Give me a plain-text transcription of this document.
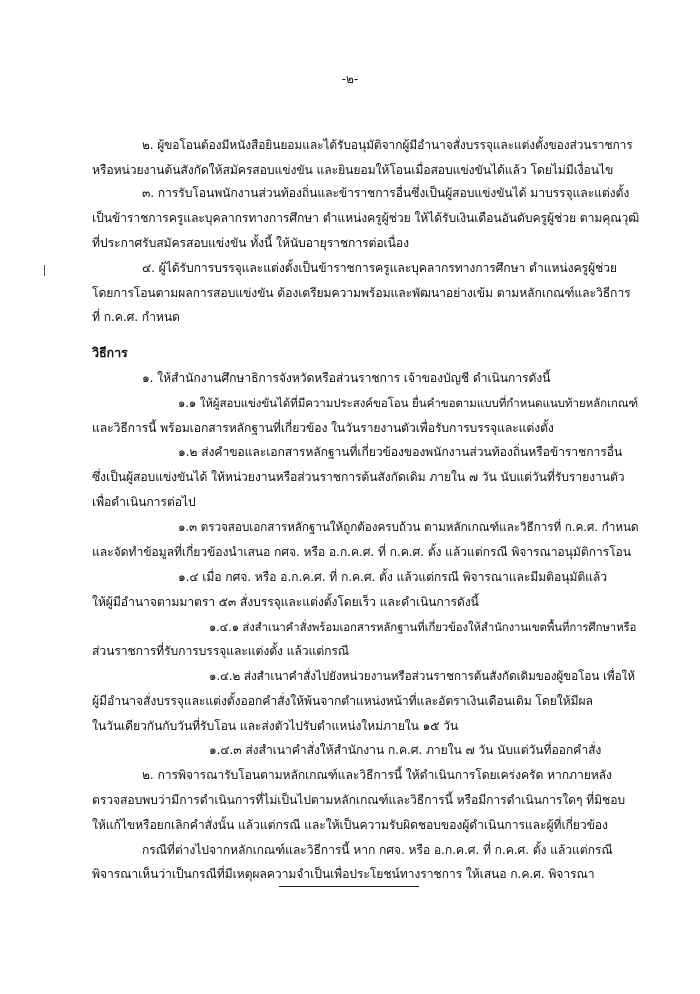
-๒-
๒. ผู้ขอโอนต้องมีหนังสือยินยอมและได้รับอนุมัติจากผู้มีอำนาจสั่งบรรจุและแต่งตั้งของส่วนราชการ
หรือหน่วยงานต้นสังกัดให้สมัครสอบแข่งขัน และยินยอมให้โอนเมื่อสอบแข่งขันได้แล้ว โดยไม่มีเงื่อนไข
๓. การรับโอนพนักงานส่วนท้องถิ่นและข้าราชการอื่นซึ่งเป็นผู้สอบแข่งขันได้ มาบรรจุและแต่งตั้ง
เป็นข้าราชการครูและบุคลากรทางการศึกษา ตำแหน่งครูผู้ช่วย ให้ได้รับเงินเดือนอันดับครูผู้ช่วย ตามคุณวุฒิ
ที่ประกาศรับสมัครสอบแข่งขัน ทั้งนี้ ให้นับอายุราชการต่อเนื่อง
๔. ผู้ได้รับการบรรจุและแต่งตั้งเป็นข้าราชการครูและบุคลากรทางการศึกษา ตำแหน่งครูผู้ช่วย
โดยการโอนตามผลการสอบแข่งขัน ต้องเตรียมความพร้อมและพัฒนาอย่างเข้ม ตามหลักเกณฑ์และวิธีการ
ที่ ก.ค.ศ. กำหนด
วิธีการ
๑. ให้สำนักงานศึกษาธิการจังหวัดหรือส่วนราชการ เจ้าของบัญชี ดำเนินการดังนี้
๑.๑ ให้ผู้สอบแข่งขันได้ที่มีความประสงค์ขอโอน ยื่นคำขอตามแบบที่กำหนดแนบท้ายหลักเกณฑ์
และวิธีการนี้ พร้อมเอกสารหลักฐานที่เกี่ยวข้อง ในวันรายงานตัวเพื่อรับการบรรจุและแต่งตั้ง
๑.๒ ส่งคำขอและเอกสารหลักฐานที่เกี่ยวข้องของพนักงานส่วนท้องถิ่นหรือข้าราชการอื่น
ซึ่งเป็นผู้สอบแข่งขันได้ ให้หน่วยงานหรือส่วนราชการต้นสังกัดเดิม ภายใน ๗ วัน นับแต่วันที่รับรายงานตัว
เพื่อดำเนินการต่อไป
๑.๓ ตรวจสอบเอกสารหลักฐานให้ถูกต้องครบถ้วน ตามหลักเกณฑ์และวิธีการที่ ก.ค.ศ. กำหนด
และจัดทำข้อมูลที่เกี่ยวข้องนำเสนอ กศจ. หรือ อ.ก.ค.ศ. ที่ ก.ค.ศ. ตั้ง แล้วแต่กรณี พิจารณาอนุมัติการโอน
๑.๔ เมื่อ กศจ. หรือ อ.ก.ค.ศ. ที่ ก.ค.ศ. ตั้ง แล้วแต่กรณี พิจารณาและมีมติอนุมัติแล้ว
ให้ผู้มีอำนาจตามมาตรา ๕๓ สั่งบรรจุและแต่งตั้งโดยเร็ว และดำเนินการดังนี้
๑.๔.๑ ส่งสำเนาคำสั่งพร้อมเอกสารหลักฐานที่เกี่ยวข้องให้สำนักงานเขตพื้นที่การศึกษาหรือ
ส่วนราชการที่รับการบรรจุและแต่งตั้ง แล้วแต่กรณี
๑.๔.๒ ส่งสำเนาคำสั่งไปยังหน่วยงานหรือส่วนราชการต้นสังกัดเดิมของผู้ขอโอน เพื่อให้
ผู้มีอำนาจสั่งบรรจุและแต่งตั้งออกคำสั่งให้พ้นจากตำแหน่งหน้าที่และอัตราเงินเดือนเดิม โดยให้มีผล
ในวันเดียวกันกับวันที่รับโอน และส่งตัวไปรับตำแหน่งใหม่ภายใน ๑๕ วัน
๑.๔.๓ ส่งสำเนาคำสั่งให้สำนักงาน ก.ค.ศ. ภายใน ๗ วัน นับแต่วันที่ออกคำสั่ง
๒. การพิจารณารับโอนตามหลักเกณฑ์และวิธีการนี้ ให้ดำเนินการโดยเคร่งครัด หากภายหลัง
ตรวจสอบพบว่ามีการดำเนินการที่ไม่เป็นไปตามหลักเกณฑ์และวิธีการนี้ หรือมีการดำเนินการใดๆ ที่มิชอบ
ให้แก้ไขหรือยกเลิกคำสั่งนั้น แล้วแต่กรณี และให้เป็นความรับผิดชอบของผู้ดำเนินการและผู้ที่เกี่ยวข้อง
กรณีที่ต่างไปจากหลักเกณฑ์และวิธีการนี้ หาก กศจ. หรือ อ.ก.ค.ศ. ที่ ก.ค.ศ. ตั้ง แล้วแต่กรณี
พิจารณาเห็นว่าเป็นกรณีที่มีเหตุผลความจำเป็นเพื่อประโยชน์ทางราชการ ให้เสนอ ก.ค.ศ. พิจารณา
